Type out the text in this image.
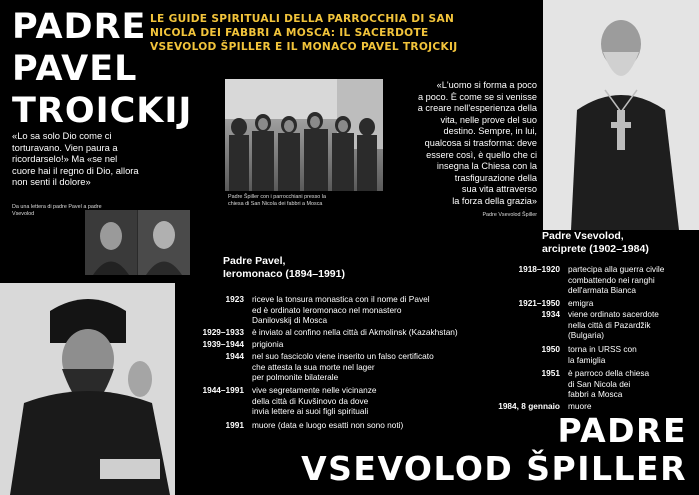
PADRE
PAVEL
TROICKIJ
LE GUIDE SPIRITUALI DELLA PARROCCHIA DI SAN
NICOLA DEI FABBRI A MOSCA: IL SACERDOTE
VSEVOLOD ŠPILLER E IL MONACO PAVEL TROJCKIJ
«Lo sa solo Dio come ci torturavano. Vien paura a ricordarselo!» Ma «se nel cuore hai il regno di Dio, allora non senti il dolore»
Da una lettera di padre Pavel a padre Vsevolod
Padre Špiller con i parrocchiani presso la chiesa di San Nicola dei fabbri a Mosca
«L'uomo si forma a poco
a poco. È come se si venisse
a creare nell'esperienza della
vita, nelle prove del suo
destino. Sempre, in lui,
qualcosa si trasforma: deve
essere così, è quello che ci
insegna la Chiesa con la
trasfigurazione della
sua vita attraverso
la forza della grazia»
Padre Vsevolod Špiller
Padre Pavel,
Ieromonaco (1894–1991)
1923 riceve la tonsura monastica con il nome di Pavel
ed è ordinato Ieromonaco nel monastero
Danilovskij di Mosca
1929–1933 è inviato al confino nella città di Akmolinsk (Kazakhstan)
1939–1944 prigionia
1944 nel suo fascicolo viene inserito un falso certificato
che attesta la sua morte nel lager
per polmonite bilaterale
1944–1991 vive segretamente nelle vicinanze
della città di Kuvšinovo da dove
invia lettere ai suoi figli spirituali
1991 muore (data e luogo esatti non sono noti)
Padre Vsevolod,
arciprete (1902–1984)
1918–1920 partecipa alla guerra civile
combattendo nei ranghi
dell'armata Bianca
1921–1950 emigra
1934 viene ordinato sacerdote
nella città di Pazardžik
(Bulgaria)
1950 torna in URSS con
la famiglia
1951 è parroco della chiesa
di San Nicola dei
fabbri a Mosca
1984, 8 gennaio muore
PADRE
VSEVOLOD ŠPILLER
